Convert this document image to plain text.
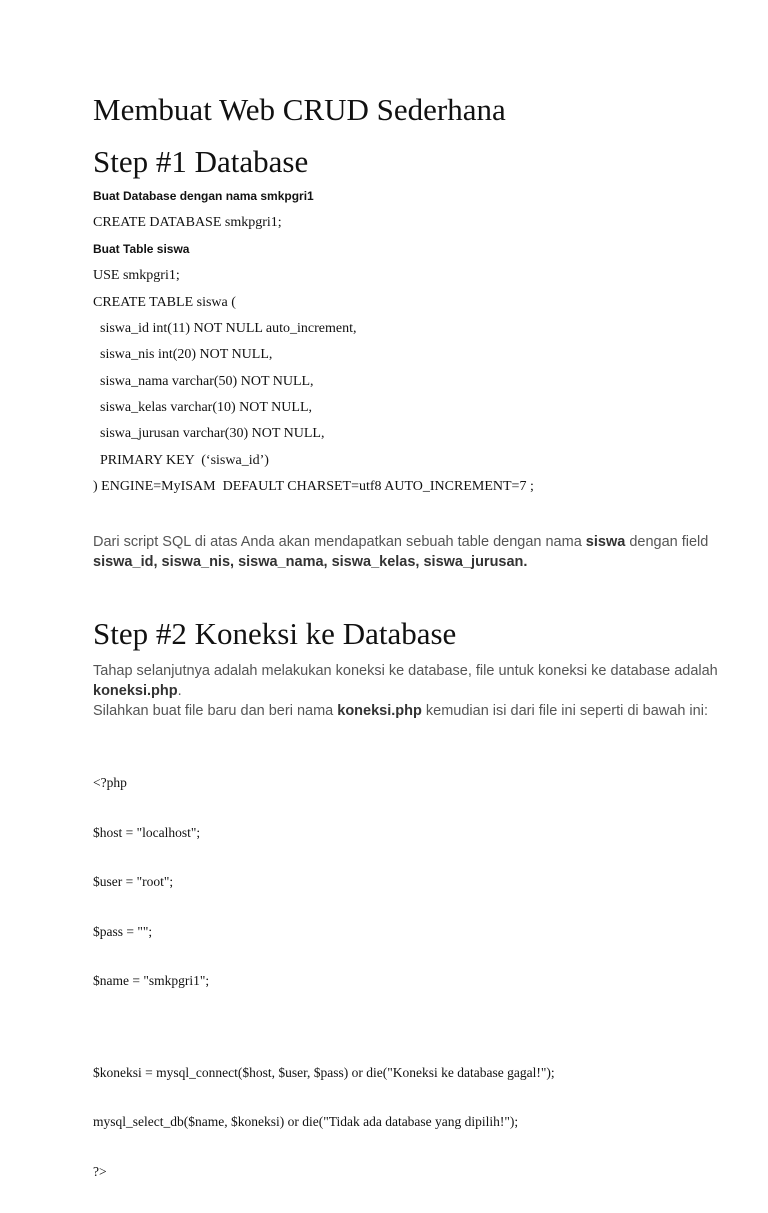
Membuat Web CRUD Sederhana
Step #1 Database
Buat Database dengan nama smkpgri1
CREATE DATABASE smkpgri1;
Buat Table siswa
USE smkpgri1;
CREATE TABLE siswa (
siswa_id int(11) NOT NULL auto_increment,
siswa_nis int(20) NOT NULL,
siswa_nama varchar(50) NOT NULL,
siswa_kelas varchar(10) NOT NULL,
siswa_jurusan varchar(30) NOT NULL,
PRIMARY KEY  (‘siswa_id’)
) ENGINE=MyISAM  DEFAULT CHARSET=utf8 AUTO_INCREMENT=7 ;
Dari script SQL di atas Anda akan mendapatkan sebuah table dengan nama siswa dengan field siswa_id, siswa_nis, siswa_nama, siswa_kelas, siswa_jurusan.
Step #2 Koneksi ke Database
Tahap selanjutnya adalah melakukan koneksi ke database, file untuk koneksi ke database adalah koneksi.php.
Silahkan buat file baru dan beri nama koneksi.php kemudian isi dari file ini seperti di bawah ini:

<?php

$host = "localhost";

$user = "root";

$pass = "";

$name = "smkpgri1";

$koneksi = mysql_connect($host, $user, $pass) or die("Koneksi ke database gagal!");

mysql_select_db($name, $koneksi) or die("Tidak ada database yang dipilih!");

?>
